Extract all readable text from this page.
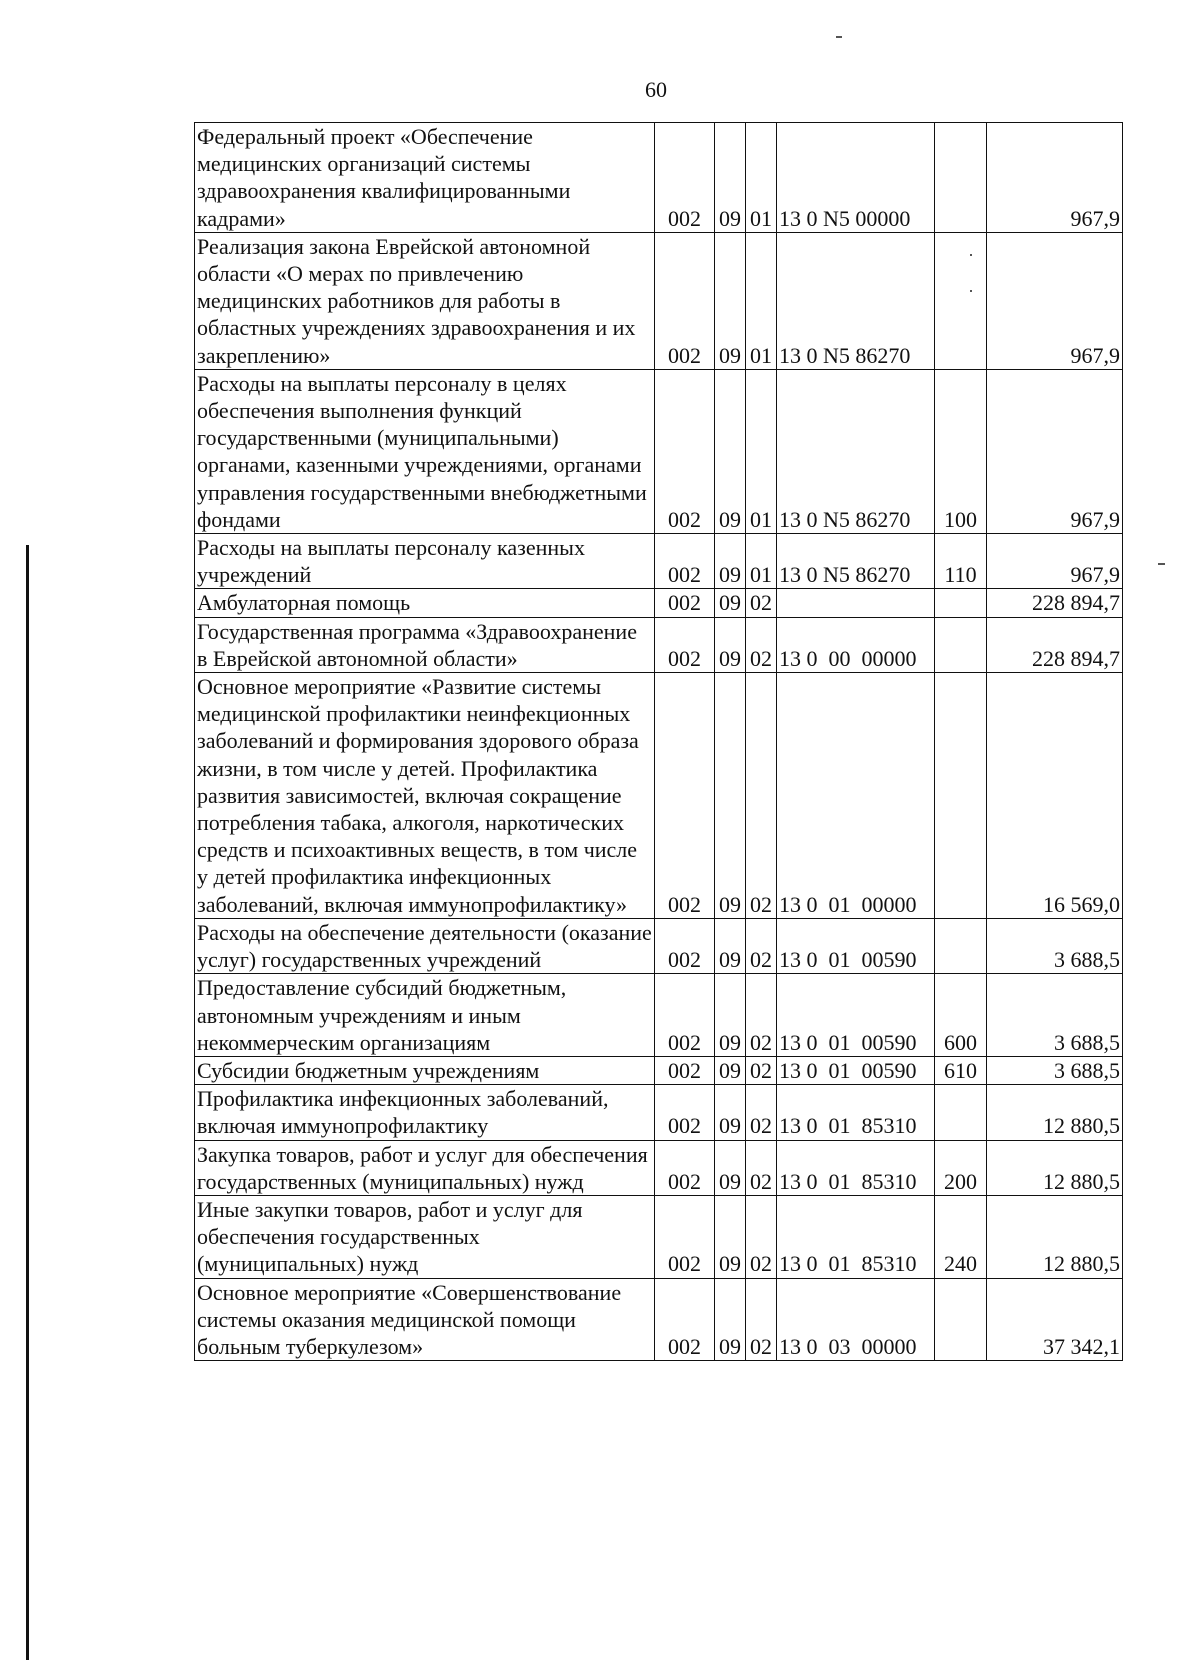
60
Федеральный проект «Обеспечение медицинских организаций системы здравоохранения квалифицированными кадрами»	002	09	01	13 0 N5 00000		967,9
Реализация закона Еврейской автономной области «О мерах по привлечению медицинских работников для работы в областных учреждениях здравоохранения и их закреплению»	002	09	01	13 0 N5 86270		967,9
Расходы на выплаты персоналу в целях обеспечения выполнения функций государственными (муниципальными) органами, казенными учреждениями, органами управления государственными внебюджетными фондами	002	09	01	13 0 N5 86270	100	967,9
Расходы на выплаты персоналу казенных учреждений	002	09	01	13 0 N5 86270	110	967,9
Амбулаторная помощь	002	09	02			228 894,7
Государственная программа «Здравоохранение в Еврейской автономной области»	002	09	02	13 0  00  00000		228 894,7
Основное мероприятие «Развитие системы медицинской профилактики неинфекционных заболеваний и формирования здорового образа жизни, в том числе у детей. Профилактика развития зависимостей, включая сокращение потребления табака, алкоголя, наркотических средств и психоактивных веществ, в том числе у детей профилактика инфекционных заболеваний, включая иммунопрофилактику»	002	09	02	13 0  01  00000		16 569,0
Расходы на обеспечение деятельности (оказание услуг) государственных учреждений	002	09	02	13 0  01  00590		3 688,5
Предоставление субсидий бюджетным, автономным учреждениям и иным некоммерческим организациям	002	09	02	13 0  01  00590	600	3 688,5
Субсидии бюджетным учреждениям	002	09	02	13 0  01  00590	610	3 688,5
Профилактика инфекционных заболеваний, включая иммунопрофилактику	002	09	02	13 0  01  85310		12 880,5
Закупка товаров, работ и услуг для обеспечения государственных (муниципальных) нужд	002	09	02	13 0  01  85310	200	12 880,5
Иные закупки товаров, работ и услуг для обеспечения государственных (муниципальных) нужд	002	09	02	13 0  01  85310	240	12 880,5
Основное мероприятие «Совершенствование системы оказания медицинской помощи больным туберкулезом»	002	09	02	13 0  03  00000		37 342,1
